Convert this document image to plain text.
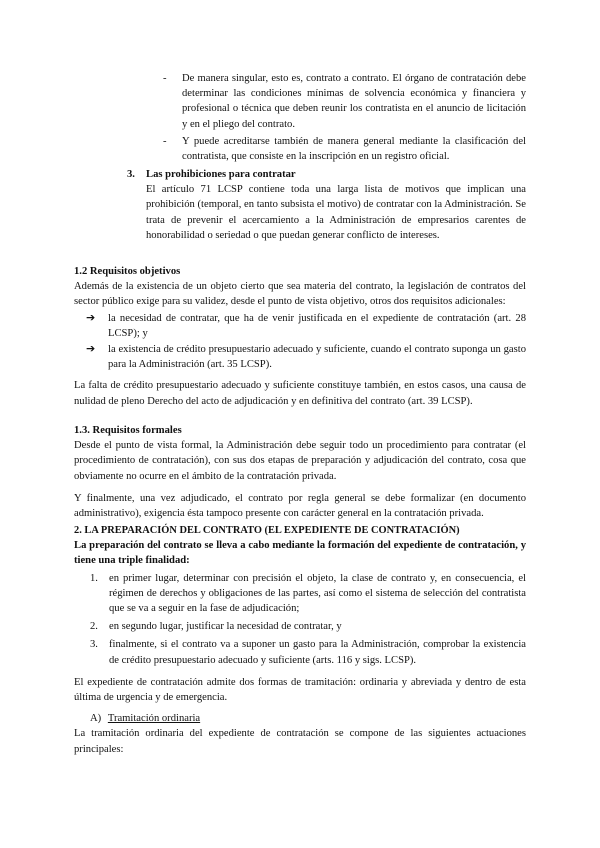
- De manera singular, esto es, contrato a contrato. El órgano de contratación debe determinar las condiciones mínimas de solvencia económica y financiera y profesional o técnica que deben reunir los contratista en el anuncio de licitación y en el pliego del contrato.

- Y puede acreditarse también de manera general mediante la clasificación del contratista, que consiste en la inscripción en un registro oficial.

3. Las prohibiciones para contratar

El artículo 71 LCSP contiene toda una larga lista de motivos que implican una prohibición (temporal, en tanto subsista el motivo) de contratar con la Administración. Se trata de prevenir el acercamiento a la Administración de empresarios carentes de honorabilidad o seriedad o que puedan generar conflicto de intereses.

1.2 Requisitos objetivos

Además de la existencia de un objeto cierto que sea materia del contrato, la legislación de contratos del sector público exige para su validez, desde el punto de vista objetivo, otros dos requisitos adicionales:

➔ la necesidad de contratar, que ha de venir justificada en el expediente de contratación (art. 28 LCSP); y

➔ la existencia de crédito presupuestario adecuado y suficiente, cuando el contrato suponga un gasto para la Administración (art. 35 LCSP).

La falta de crédito presupuestario adecuado y suficiente constituye también, en estos casos, una causa de nulidad de pleno Derecho del acto de adjudicación y en definitiva del contrato (art. 39 LCSP).

1.3. Requisitos formales

Desde el punto de vista formal, la Administración debe seguir todo un procedimiento para contratar (el procedimiento de contratación), con sus dos etapas de preparación y adjudicación del contrato, cosa que obviamente no ocurre en el ámbito de la contratación privada.

Y finalmente, una vez adjudicado, el contrato por regla general se debe formalizar (en documento administrativo), exigencia ésta tampoco presente con carácter general en la contratación privada.

2. LA PREPARACIÓN DEL CONTRATO (EL EXPEDIENTE DE CONTRATACIÓN)

La preparación del contrato se lleva a cabo mediante la formación del expediente de contratación, y tiene una triple finalidad:

1. en primer lugar, determinar con precisión el objeto, la clase de contrato y, en consecuencia, el régimen de derechos y obligaciones de las partes, así como el sistema de selección del contratista que se va a seguir en la fase de adjudicación;

2. en segundo lugar, justificar la necesidad de contratar, y

3. finalmente, si el contrato va a suponer un gasto para la Administración, comprobar la existencia de crédito presupuestario adecuado y suficiente (arts. 116 y sigs. LCSP).

El expediente de contratación admite dos formas de tramitación: ordinaria y abreviada y dentro de esta última de urgencia y de emergencia.

A) Tramitación ordinaria

La tramitación ordinaria del expediente de contratación se compone de las siguientes actuaciones principales:
